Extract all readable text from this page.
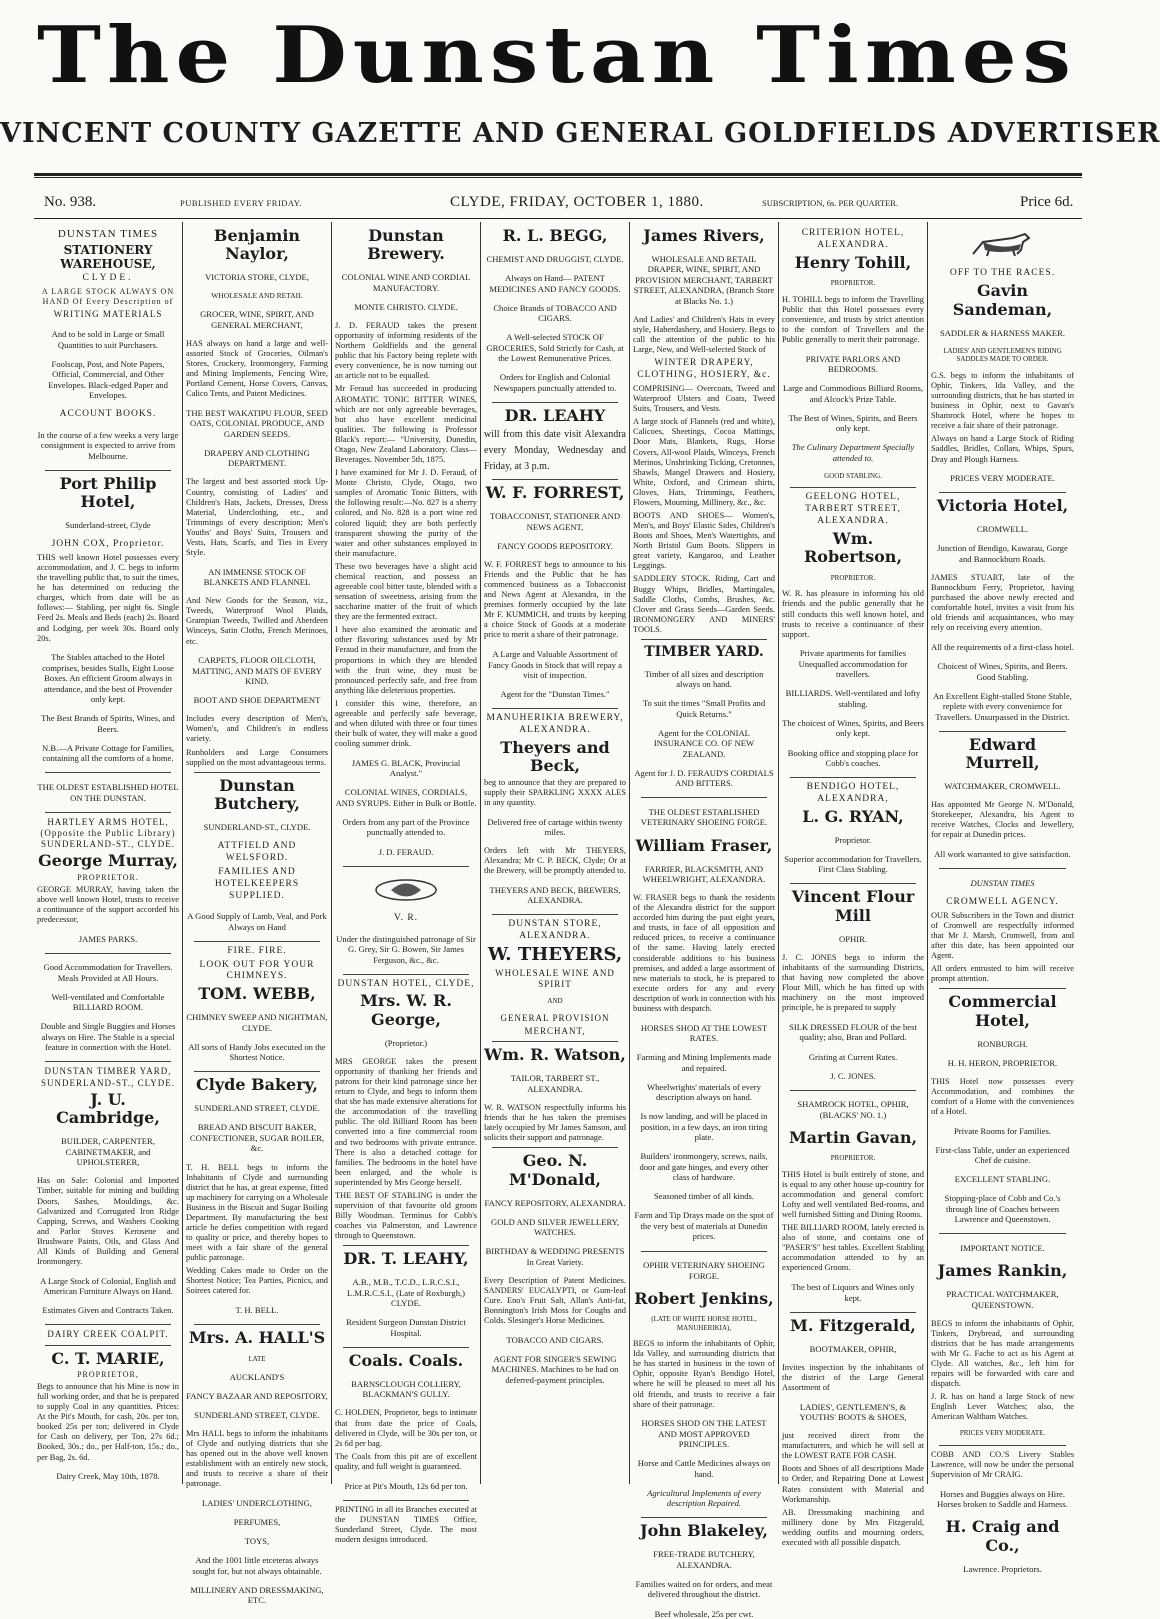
The Dunstan Times
VINCENT COUNTY GAZETTE AND GENERAL GOLDFIELDS ADVERTISER
No. 938.	PUBLISHED EVERY FRIDAY.	CLYDE, FRIDAY, OCTOBER 1, 1880.	SUBSCRIPTION, 6s. PER QUARTER.	Price 6d.

DUNSTAN TIMES

STATIONERY WAREHOUSE,

CLYDE.

A LARGE STOCK ALWAYS ON HAND Of Every Description of

WRITING MATERIALS

And to be sold in Large or Small Quantities to suit Purchasers.

Foolscap, Post, and Note Papers, Official, Commercial, and Other Envelopes. Black-edged Paper and Envelopes.

ACCOUNT BOOKS.

In the course of a few weeks a very large consignment is expected to arrive from Melbourne.

Port Philip Hotel,

Sunderland-street, Clyde

JOHN COX, Proprietor.

THIS well known Hotel possesses every accommodation, and J. C. begs to inform the travelling public that, to suit the times, he has determined on reducing the charges, which from date will be as follows:— Stabling, per night 6s. Single Feed 2s. Meals and Beds (each) 2s. Board and Lodging, per week 30s. Board only 20s.

The Stables attached to the Hotel comprises, besides Stalls, Eight Loose Boxes. An efficient Groom always in attendance, and the best of Provender only kept.

The Best Brands of Spirits, Wines, and Beers.

N.B.—A Private Cottage for Families, containing all the comforts of a home.

THE OLDEST ESTABLISHED HOTEL ON THE DUNSTAN.

HARTLEY ARMS HOTEL, (Opposite the Public Library) SUNDERLAND-ST., CLYDE.

George Murray,

PROPRIETOR.

GEORGE MURRAY, having taken the above well known Hotel, trusts to receive a continuance of the support accorded his predecessor,

JAMES PARKS.

Good Accommodation for Travellers. Meals Provided at All Hours.

Well-ventilated and Comfortable BILLIARD ROOM.

Double and Single Buggies and Horses always on Hire. The Stable is a special feature in connection with the Hotel.

DUNSTAN TIMBER YARD, SUNDERLAND-ST., CLYDE.

J. U. Cambridge,

BUILDER, CARPENTER, CABINETMAKER, and UPHOLSTERER,

Has on Sale: Colonial and Imported Timber, suitable for mining and building Doors, Sashes, Mouldings, &c. Galvanized and Corrugated Iron Ridge Capping, Screws, and Washers Cooking and Parlor Stoves Kerosene and Brushware Paints, Oils, and Glass And All Kinds of Building and General Ironmongery.

A Large Stock of Colonial, English and American Furniture Always on Hand.

Estimates Given and Contracts Taken.

DAIRY CREEK COALPIT.

C. T. MARIE,

PROPRIETOR,

Begs to announce that his Mine is now in full working order, and that he is prepared to supply Coal in any quantities. Prices: At the Pit's Mouth, for cash, 20s. per ton, booked 25s per ton; delivered in Clyde for Cash on delivery, per Ton, 27s 6d.; Booked, 30s.; do., per Half-ton, 15s.; do., per Bag, 2s. 6d.

Dairy Creek, May 10th, 1878.

Benjamin Naylor,

VICTORIA STORE, CLYDE,

WHOLESALE AND RETAIL

GROCER, WINE, SPIRIT, AND GENERAL MERCHANT,

HAS always on hand a large and well-assorted Stock of Groceries, Oilman's Stores, Crockery, Ironmongery, Farming and Mining Implements, Fencing Wire, Portland Cement, Horse Covers, Canvas, Calico Tents, and Patent Medicines.

THE BEST WAKATIPU FLOUR, SEED OATS, COLONIAL PRODUCE, AND GARDEN SEEDS.

DRAPERY AND CLOTHING DEPARTMENT.

The largest and best assorted stock Up-Country, consisting of Ladies' and Children's Hats, Jackets, Dresses, Dress Material, Underclothing, etc., and Trimmings of every description; Men's Youths' and Boys' Suits, Trousers and Vests, Hats, Scarfs, and Ties in Every Style.

AN IMMENSE STOCK OF BLANKETS AND FLANNEL

And New Goods for the Season, viz., Tweeds, Waterproof Wool Plaids, Grampian Tweeds, Twilled and Aberdeen Winceys, Satin Cloths, French Merinoes, etc.

CARPETS, FLOOR OILCLOTH, MATTING, AND MATS OF EVERY KIND.

BOOT AND SHOE DEPARTMENT

Includes every description of Men's, Women's, and Children's in endless variety.

Runholders and Large Consumers supplied on the most advantageous terms.

Dunstan Butchery,

SUNDERLAND-ST., CLYDE.

ATTFIELD AND WELSFORD.

FAMILIES AND HOTELKEEPERS SUPPLIED.

A Good Supply of Lamb, Veal, and Pork Always on Hand

FIRE. FIRE.

LOOK OUT FOR YOUR CHIMNEYS.

TOM. WEBB,

CHIMNEY SWEEP AND NIGHTMAN, CLYDE.

All sorts of Handy Jobs executed on the Shortest Notice.

Clyde Bakery,

SUNDERLAND STREET, CLYDE.

BREAD AND BISCUIT BAKER, CONFECTIONER, SUGAR BOILER, &c.

T. H. BELL begs to inform the Inhabitants of Clyde and surrounding district that he has, at great expense, fitted up machinery for carrying on a Wholesale Business in the Biscuit and Sugar Boiling Department. By manufacturing the best article he defies competition with regard to quality or price, and thereby hopes to meet with a fair share of the general public patronage.

Wedding Cakes made to Order on the Shortest Notice; Tea Parties, Picnics, and Soirees catered for.

T. H. BELL.

Mrs. A. HALL'S

LATE

AUCKLAND'S

FANCY BAZAAR AND REPOSITORY,

SUNDERLAND STREET, CLYDE.

Mrs HALL begs to inform the inhabitants of Clyde and outlying districts that she has opened out in the above well known establishment with an entirely new stock, and trusts to receive a share of their patronage.

LADIES' UNDERCLOTHING,

PERFUMES,

TOYS,

And the 1001 little etceteras always sought for, but not always obtainable.

MILLINERY AND DRESSMAKING, ETC.

Dunstan Brewery.

COLONIAL WINE AND CORDIAL MANUFACTORY.

MONTE CHRISTO. CLYDE.

J. D. FERAUD takes the present opportunity of informing residents of the Northern Goldfields and the general public that his Factory being replete with every convenience, he is now turning out an article not to be equalled.

Mr Feraud has succeeded in producing AROMATIC TONIC BITTER WINES, which are not only agreeable beverages, but also have excellent medicinal qualities. The following is Professor Black's report:— "University, Dunedin, Otago, New Zealand Laboratory. Class—Beverages. November 5th, 1875.

I have examined for Mr J. D. Feraud, of Monte Christo, Clyde, Otago, two samples of Aromatic Tonic Bitters, with the following result:—No. 827 is a sherry colored, and No. 828 is a port wine red colored liquid; they are both perfectly transparent showing the purity of the water and other substances employed in their manufacture.

These two beverages have a slight acid chemical reaction, and possess an agreeable cool bitter taste, blended with a sensation of sweetness, arising from the saccharine matter of the fruit of which they are the fermented extract.

I have also examined the aromatic and other flavoring substances used by Mr Feraud in their manufacture, and from the proportions in which they are blended with the fruit wine, they must be pronounced perfectly safe, and free from anything like deleterious properties.

I consider this wine, therefore, an agreeable and perfectly safe beverage, and when diluted with three or four times their bulk of water, they will make a good cooling summer drink.

JAMES G. BLACK, Provincial Analyst."

COLONIAL WINES, CORDIALS, AND SYRUPS. Either in Bulk or Bottle.

Orders from any part of the Province punctually attended to.

J. D. FERAUD.

V. R.

Under the distinguished patronage of Sir G. Grey, Sir G. Bowen, Sir James Ferguson, &c., &c.

DUNSTAN HOTEL, CLYDE,

Mrs. W. R. George,

(Proprietor.)

MRS GEORGE takes the present opportunity of thanking her friends and patrons for their kind patronage since her return to Clyde, and begs to inform them that she has made extensive alterations for the accommodation of the travelling public. The old Billiard Room has been converted into a fine commercial room and two bedrooms with private entrance. There is also a detached cottage for families. The bedrooms in the hotel have been enlarged, and the whole is superintended by Mrs George herself.

THE BEST OF STABLING is under the supervision of that favourite old groom Billy Woodman. Terminus for Cobb's coaches via Palmerston, and Lawrence through to Queenstown.

DR. T. LEAHY,

A.B., M.B., T.C.D., L.R.C.S.I., L.M.R.C.S.I., (Late of Roxburgh,) CLYDE.

Resident Surgeon Dunstan District Hospital.

Coals. Coals.

BARNSCLOUGH COLLIERY, BLACKMAN'S GULLY.

C. HOLDEN, Proprietor, begs to intimate that from date the price of Coals, delivered in Clyde, will be 30s per ton, or 2s 6d per bag.

The Coals from this pit are of excellent quality, and full weight is guaranteed.

Price at Pit's Mouth, 12s 6d per ton.

PRINTING in all its Branches executed at the DUNSTAN TIMES Office, Sunderland Street, Clyde. The most modern designs introduced.

R. L. BEGG,

CHEMIST AND DRUGGIST, CLYDE.

Always on Hand— PATENT MEDICINES AND FANCY GOODS.

Choice Brands of TOBACCO AND CIGARS.

A Well-selected STOCK OF GROCERIES, Sold Strictly for Cash, at the Lowest Remunerative Prices.

Orders for English and Colonial Newspapers punctually attended to.

DR. LEAHY

will from this date visit Alexandra every Monday, Wednesday and Friday, at 3 p.m.

W. F. FORREST,

TOBACCONIST, STATIONER AND NEWS AGENT,

FANCY GOODS REPOSITORY.

W. F. FORREST begs to announce to his Friends and the Public that he has commenced business as a Tobacconist and News Agent at Alexandra, in the premises formerly occupied by the late Mr F. KUMMICH, and trusts by keeping a choice Stock of Goods at a moderate price to merit a share of their patronage.

A Large and Valuable Assortment of Fancy Goods in Stock that will repay a visit of inspection.

Agent for the "Dunstan Times."

MANUHERIKIA BREWERY, ALEXANDRA.

Theyers and Beck,

beg to announce that they are prepared to supply their SPARKLING XXXX ALES in any quantity.

Delivered free of cartage within twenty miles.

Orders left with Mr THEYERS, Alexandra; Mr C. P. BECK, Clyde; Or at the Brewery, will be promptly attended to.

THEYERS AND BECK, BREWERS, ALEXANDRA.

DUNSTAN STORE, ALEXANDRA.

W. THEYERS,

WHOLESALE WINE AND SPIRIT

AND

GENERAL PROVISION

MERCHANT,

Wm. R. Watson,

TAILOR, TARBERT ST., ALEXANDRA.

W. R. WATSON respectfully informs his friends that he has taken the premises lately occupied by Mr James Samson, and solicits their support and patronage.

Geo. N. M'Donald,

FANCY REPOSITORY, ALEXANDRA.

GOLD AND SILVER JEWELLERY, WATCHES.

BIRTHDAY & WEDDING PRESENTS In Great Variety.

Every Description of Patent Medicines. SANDERS' EUCALYPTI, or Gum-leaf Cure. Eno's Fruit Salt, Allan's Anti-fat, Bonnington's Irish Moss for Coughs and Colds. Slesinger's Horse Medicines.

TOBACCO AND CIGARS.

AGENT FOR SINGER'S SEWING MACHINES. Machines to be had on deferred-payment principles.

James Rivers,

WHOLESALE AND RETAIL DRAPER, WINE, SPIRIT, AND PROVISION MERCHANT, TARBERT STREET, ALEXANDRA, (Branch Store at Blacks No. 1.)

And Ladies' and Children's Hats in every style, Haberdashery, and Hosiery. Begs to call the attention of the public to his Large, New, and Well-selected Stock of

WINTER DRAPERY, CLOTHING, HOSIERY, &c.

COMPRISING— Overcoats, Tweed and Waterproof Ulsters and Coats, Tweed Suits, Trousers, and Vests.

A large stock of Flannels (red and white), Calicoes, Sheetings, Cocoa Mattings, Door Mats, Blankets, Rugs, Horse Covers, All-wool Plaids, Winceys, French Merinos, Unshrinking Ticking, Cretonnes, Shawls, Mangel Drawers and Hosiery, White, Oxford, and Crimean shirts, Gloves, Hats, Trimmings, Feathers, Flowers, Mourning, Millinery, &c., &c.

BOOTS AND SHOES— Women's, Men's, and Boys' Elastic Sides, Children's Boots and Shoes, Men's Watertights, and North Bristol Gum Boots. Slippers in great variety, Kangaroo, and Leather Leggings.

SADDLERY STOCK. Riding, Cart and Buggy Whips, Bridles, Martingales, Saddle Cloths, Combs, Brushes, &c. Clover and Grass Seeds—Garden Seeds. IRONMONGERY AND MINERS' TOOLS.

TIMBER YARD.

Timber of all sizes and description always on hand.

To suit the times "Small Profits and Quick Returns."

Agent for the COLONIAL INSURANCE CO. OF NEW ZEALAND.

Agent for J. D. FERAUD'S CORDIALS AND BITTERS.

THE OLDEST ESTABLISHED VETERINARY SHOEING FORGE.

William Fraser,

FARRIER, BLACKSMITH, AND WHEELWRIGHT, ALEXANDRA.

W. FRASER begs to thank the residents of the Alexandra district for the support accorded him during the past eight years, and trusts, in face of all opposition and reduced prices, to receive a continuance of the same. Having lately erected considerable additions to his business premises, and added a large assortment of new materials to stock, he is prepared to execute orders for any and every description of work in connection with his business with despatch.

HORSES SHOD AT THE LOWEST RATES.

Farming and Mining Implements made and repaired.

Wheelwrights' materials of every description always on hand.

Is now landing, and will be placed in position, in a few days, an iron tiring plate.

Builders' ironmongery, screws, nails, door and gate hinges, and every other class of hardware.

Seasoned timber of all kinds.

Farm and Tip Drays made on the spot of the very best of materials at Dunedin prices.

OPHIR VETERINARY SHOEING FORGE.

Robert Jenkins,

(LATE OF WHITE HORSE HOTEL, MANUHERIKIA),

BEGS to inform the inhabitants of Ophir, Ida Valley, and surrounding districts that he has started in business in the town of Ophir, opposite Ryan's Bendigo Hotel, where he will be pleased to meet all his old friends, and trusts to receive a fair share of their patronage.

HORSES SHOD ON THE LATEST AND MOST APPROVED PRINCIPLES.

Horse and Cattle Medicines always on hand.

Agricultural Implements of every description Repaired.

John Blakeley,

FREE-TRADE BUTCHERY, ALEXANDRA.

Families waited on for orders, and meat delivered throughout the district.

Beef wholesale, 25s per cwt.

CRITERION HOTEL, ALEXANDRA.

Henry Tohill,

PROPRIETOR.

H. TOHILL begs to inform the Travelling Public that this Hotel possesses every convenience, and trusts by strict attention to the comfort of Travellers and the Public generally to merit their patronage.

PRIVATE PARLORS AND BEDROOMS.

Large and Commodious Billiard Rooms, and Alcock's Prize Table.

The Best of Wines, Spirits, and Beers only kept.

The Culinary Department Specially attended to.

GOOD STABLING.

GEELONG HOTEL, TARBERT STREET, ALEXANDRA.

Wm. Robertson,

PROPRIETOR.

W. R. has pleasure in informing his old friends and the public generally that he still conducts this well known hotel, and trusts to receive a continuance of their support.

Private apartments for families Unequalled accommodation for travellers.

BILLIARDS. Well-ventilated and lofty stabling.

The choicest of Wines, Spirits, and Beers only kept.

Booking office and stopping place for Cobb's coaches.

BENDIGO HOTEL, ALEXANDRA,

L. G. RYAN,

Proprietor.

Superior accommodation for Travellers. First Class Stabling.

Vincent Flour Mill

OPHIR.

J. C. JONES begs to inform the inhabitants of the surrounding Districts, that having now completed the above Flour Mill, which he has fitted up with machinery on the most improved principle, he is prepared to supply

SILK DRESSED FLOUR of the best quality; also, Bran and Pollard.

Gristing at Current Rates.

J. C. JONES.

SHAMROCK HOTEL, OPHIR, (BLACKS' NO. 1.)

Martin Gavan,

PROPRIETOR.

THIS Hotel is built entirely of stone, and is equal to any other house up-country for accommodation and general comfort: Lofty and well ventilated Bed-rooms, and well furnished Sitting and Dining Rooms.

THE BILLIARD ROOM, lately erected is also of stone, and contains one of "PASER'S" best tables. Excellent Stabling accommodation attended to by an experienced Groom.

The best of Liquors and Wines only kept.

M. Fitzgerald,

BOOTMAKER, OPHIR,

Invites inspection by the inhabitants of the district of the Large General Assortment of

LADIES', GENTLEMEN'S, & YOUTHS' BOOTS & SHOES,

just received direct from the manufacturers, and which he will sell at the LOWEST RATE FOR CASH.

Boots and Shoes of all descriptions Made to Order, and Repairing Done at Lowest Rates consistent with Material and Workmanship.

AB. Dressmaking machining and millinery done by Mrs Fitzgerald, wedding outfits and mourning orders, executed with all possible dispatch.

OFF TO THE RACES.

Gavin Sandeman,

SADDLER & HARNESS MAKER.

LADIES' AND GENTLEMEN'S RIDING SADDLES MADE TO ORDER.

G.S. begs to inform the inhabitants of Ophir, Tinkers, Ida Valley, and the surrounding districts, that he has started in business in Ophir, next to Gavan's Shamrock Hotel, where he hopes to receive a fair share of their patronage.

Always on hand a Large Stock of Riding Saddles, Bridles, Collars, Whips, Spurs, Dray and Plough Harness.

PRICES VERY MODERATE.

Victoria Hotel,

CROMWELL.

Junction of Bendigo, Kawarau, Gorge and Bannockburn Roads.

JAMES STUART, late of the Bannockburn Ferry, Proprietor, having purchased the above newly erected and comfortable hotel, invites a visit from his old friends and acquaintances, who may rely on receiving every attention.

All the requirements of a first-class hotel.

Choicest of Wines, Spirits, and Beers. Good Stabling.

An Excellent Eight-stalled Stone Stable, replete with every convenience for Travellers. Unsurpassed in the District.

Edward Murrell,

WATCHMAKER, CROMWELL.

Has appointed Mr George N. M'Donald, Storekeeper, Alexandra, his Agent to receive Watches, Clocks and Jewellery, for repair at Dunedin prices.

All work warranted to give satisfaction.

DUNSTAN TIMES

CROMWELL AGENCY.

OUR Subscribers in the Town and district of Cromwell are respectfully informed that Mr J. Marsh, Cromwell, from and after this date, has been appointed our Agent.

All orders entrusted to him will receive prompt attention.

Commercial Hotel,

RONBURGH.

H. H. HERON, PROPRIETOR.

THIS Hotel now possesses every Accommodation, and combines the comfort of a Home with the conveniences of a Hotel.

Private Rooms for Families.

First-class Table, under an experienced Chef de cuisine.

EXCELLENT STABLING.

Stopping-place of Cobb and Co.'s through line of Coaches between Lawrence and Queenstown.

IMPORTANT NOTICE.

James Rankin,

PRACTICAL WATCHMAKER, QUEENSTOWN.

BEGS to inform the inhabitants of Ophir, Tinkers, Drybread, and surrounding districts that he has made arrangements with Mr G. Fache to act as his Agent at Clyde. All watches, &c., left him for repairs will be forwarded with care and dispatch.

J. R. has on hand a large Stock of new English Lever Watches; also, the American Waltham Watches.

PRICES VERY MODERATE.

COBB AND CO.'S Livery Stables Lawrence, will now be under the personal Supervision of Mr CRAIG.

Horses and Buggies always on Hire. Horses broken to Saddle and Harness.

H. Craig and Co.,

Lawrence. Proprietors.
